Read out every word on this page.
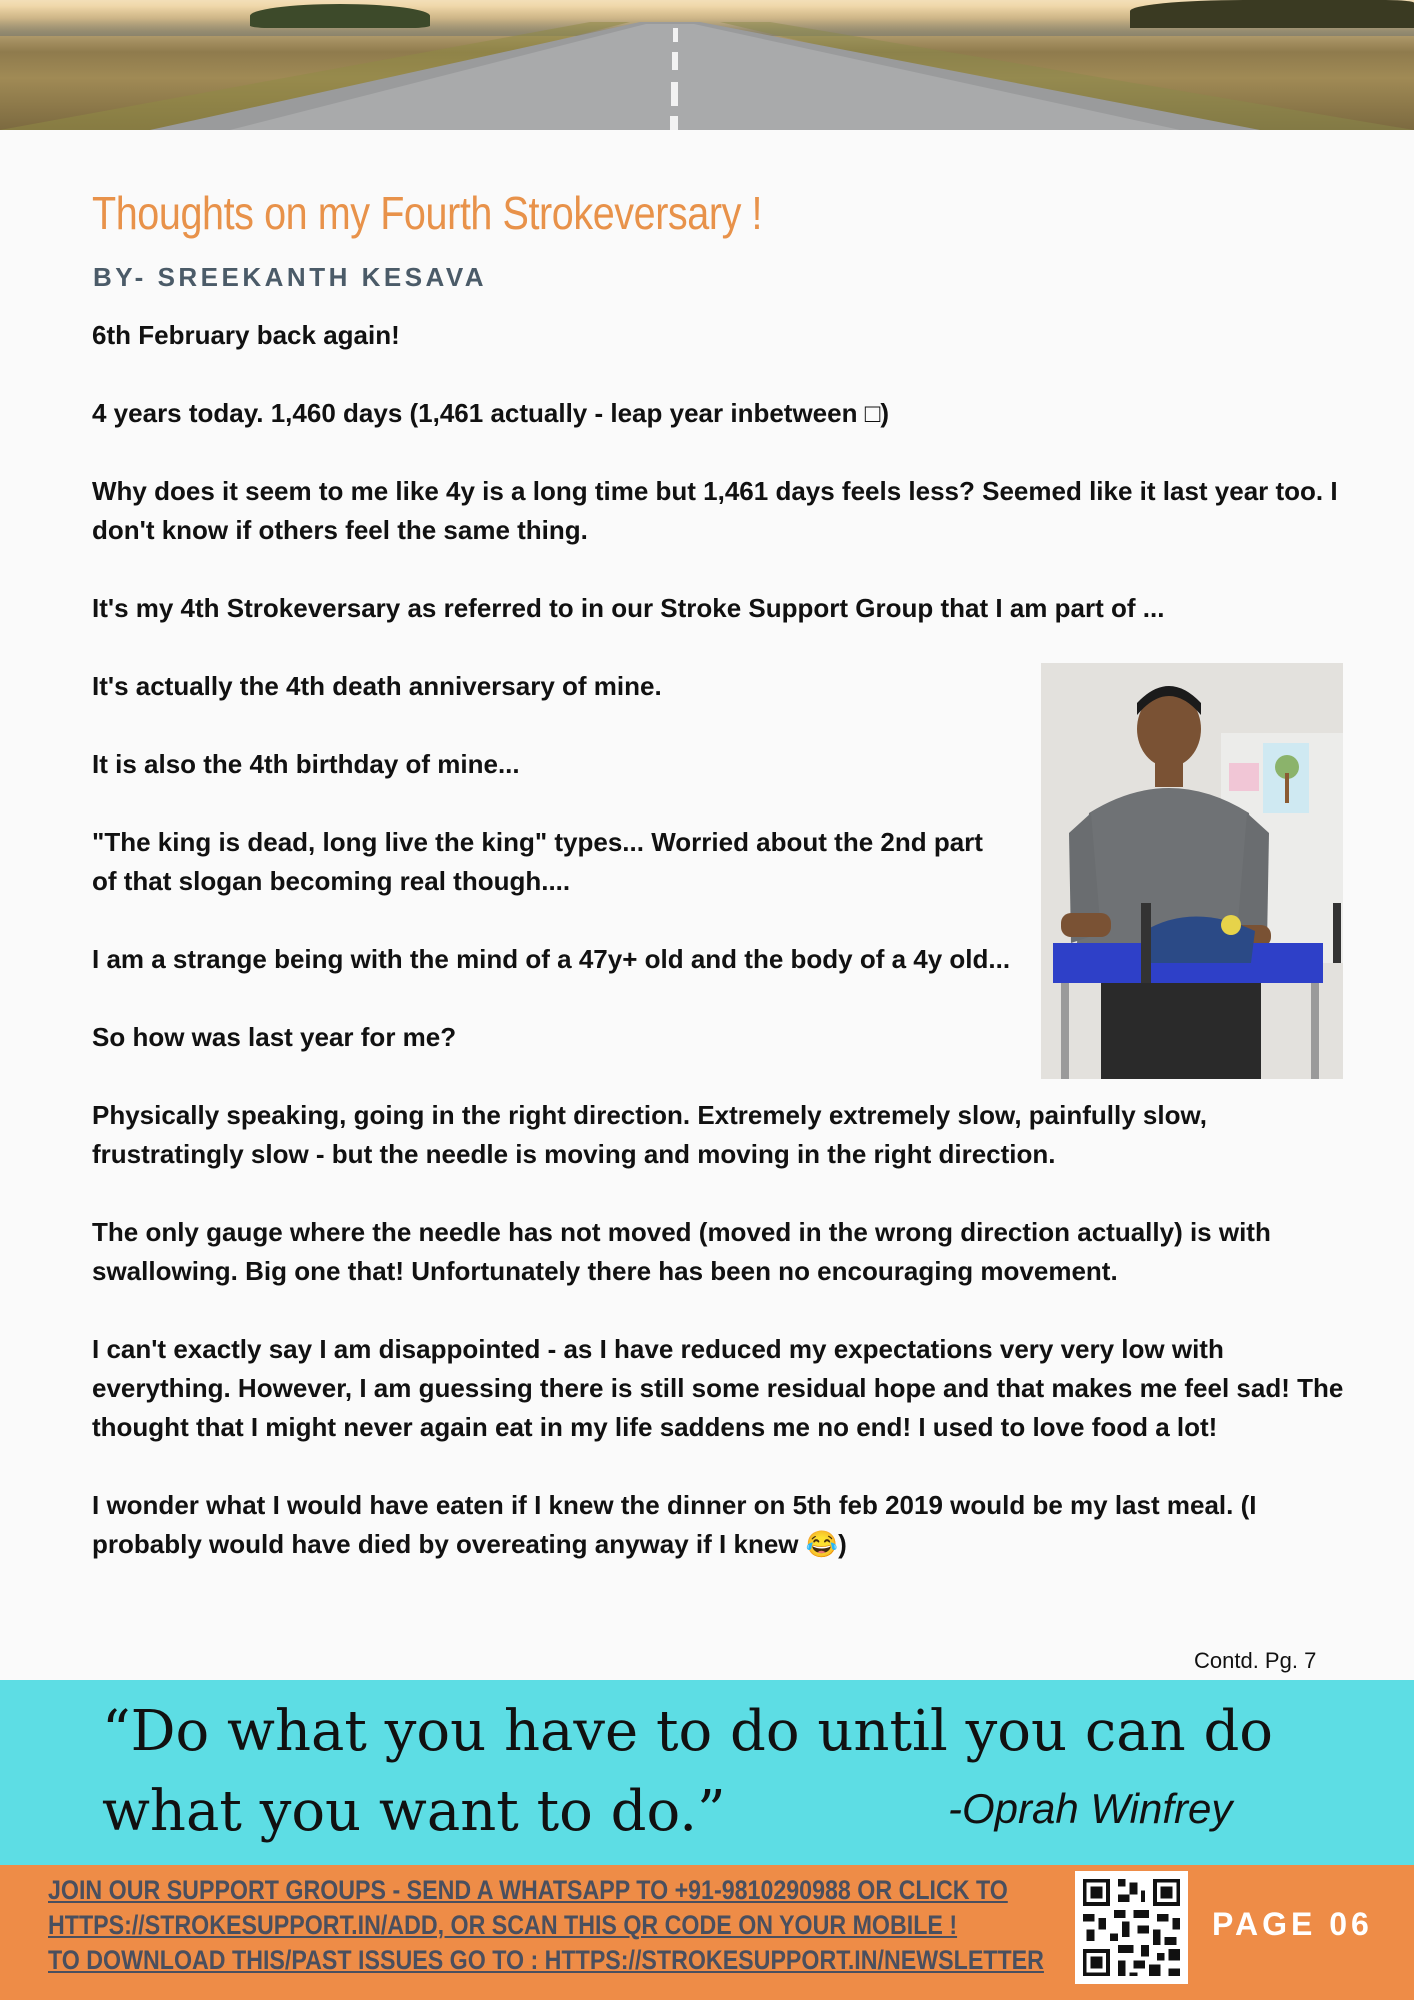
Thoughts on my Fourth Strokeversary !
BY- SREEKANTH KESAVA

6th February back again!

4 years today. 1,460 days (1,461 actually - leap year inbetween □)

Why does it seem to me like 4y is a long time but 1,461 days feels less? Seemed like it last year too. I don't know if others feel the same thing.

It's my 4th Strokeversary as referred to in our Stroke Support Group that I am part of ...

It's actually the 4th death anniversary of mine.

It is also the 4th birthday of mine...

"The king is dead, long live the king" types... Worried about the 2nd part of that slogan becoming real though....

I am a strange being with the mind of a 47y+ old and the body of a 4y old...

So how was last year for me?

Physically speaking, going in the right direction. Extremely extremely slow, painfully slow, frustratingly slow - but the needle is moving and moving in the right direction.

The only gauge where the needle has not moved (moved in the wrong direction actually) is with swallowing. Big one that! Unfortunately there has been no encouraging movement.

I can't exactly say I am disappointed - as I have reduced my expectations very very low with everything. However, I am guessing there is still some residual hope and that makes me feel sad! The thought that I might never again eat in my life saddens me no end! I used to love food a lot!

I wonder what I would have eaten if I knew the dinner on 5th feb 2019 would be my last meal. (I probably would have died by overeating anyway if I knew 😂)

Contd. Pg. 7

“Do what you have to do until you can do what you want to do.”	-Oprah Winfrey
JOIN OUR SUPPORT GROUPS - SEND A WHATSAPP TO +91-9810290988 OR CLICK TO
HTTPS://STROKESUPPORT.IN/ADD, OR SCAN THIS QR CODE ON YOUR MOBILE !
TO DOWNLOAD THIS/PAST ISSUES GO TO : HTTPS://STROKESUPPORT.IN/NEWSLETTER
PAGE 06
